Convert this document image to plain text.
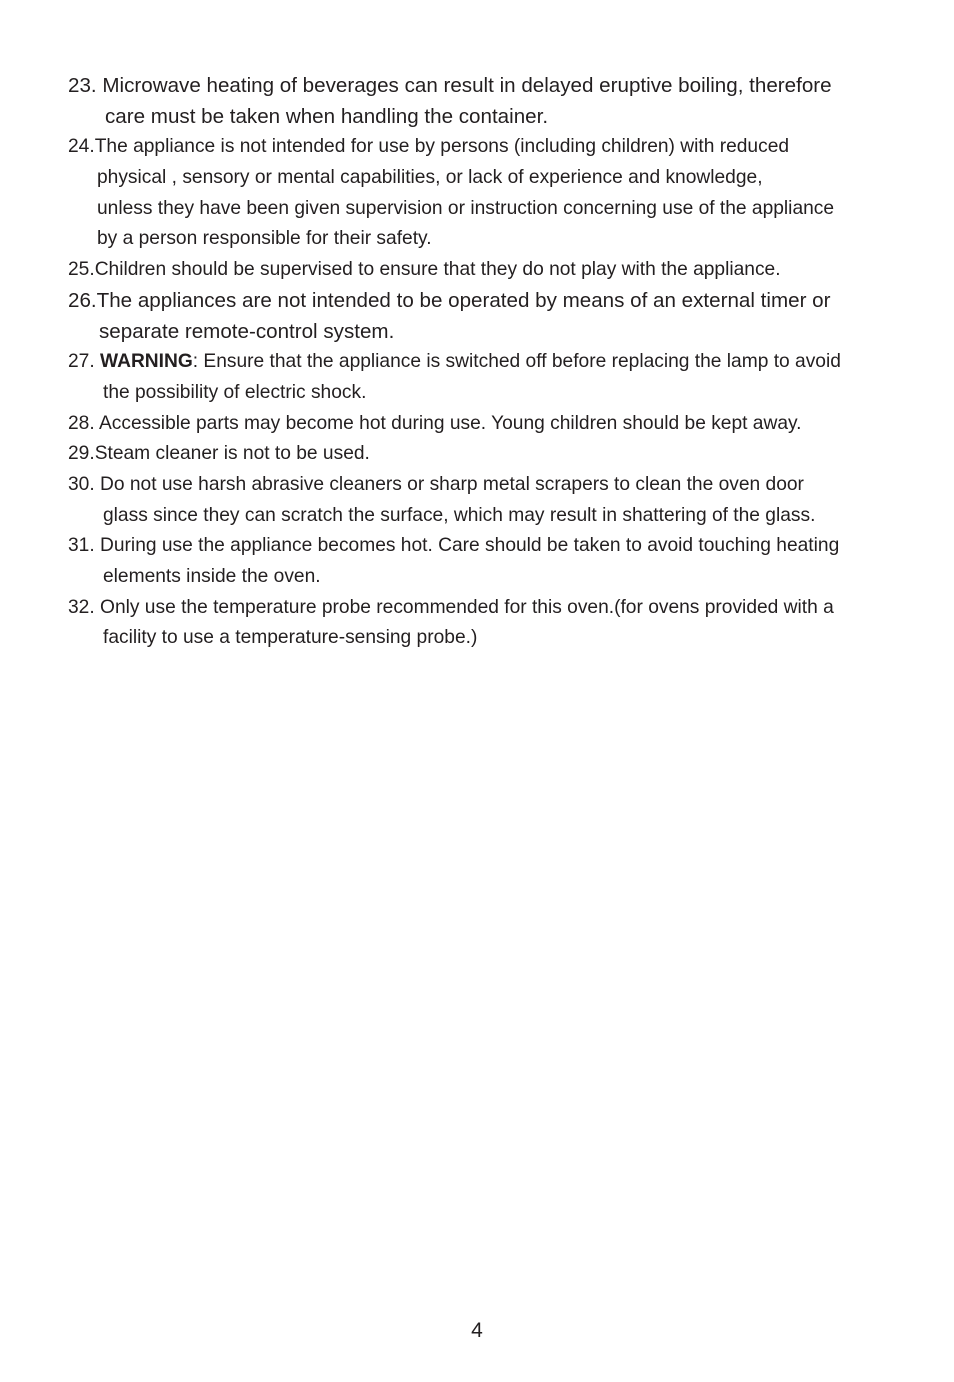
23. Microwave heating of beverages can result in delayed eruptive boiling, therefore
care must be taken when handling the container.
24.The appliance is not intended for use by persons (including children) with reduced
physical , sensory or mental capabilities, or lack of experience and knowledge,
unless they have been given supervision or instruction concerning use of the appliance
by a person responsible for their safety.
25.Children should be supervised to ensure that they do not play with the appliance.
26.The appliances are not intended to be operated by means of an external timer or
separate remote-control system.
27. WARNING: Ensure that the appliance is switched off before replacing the lamp to avoid
the possibility of electric shock.
28. Accessible parts may become hot during use. Young children should be kept away.
29.Steam cleaner is not to be used.
30. Do not use harsh abrasive cleaners or sharp metal scrapers to clean the oven door
glass since they can scratch the surface, which may result in shattering of the glass.
31. During use the appliance becomes hot. Care should be taken to avoid touching heating
elements inside the oven.
32. Only use the temperature probe recommended for this oven.(for ovens provided with a
facility to use a temperature-sensing probe.)
4
